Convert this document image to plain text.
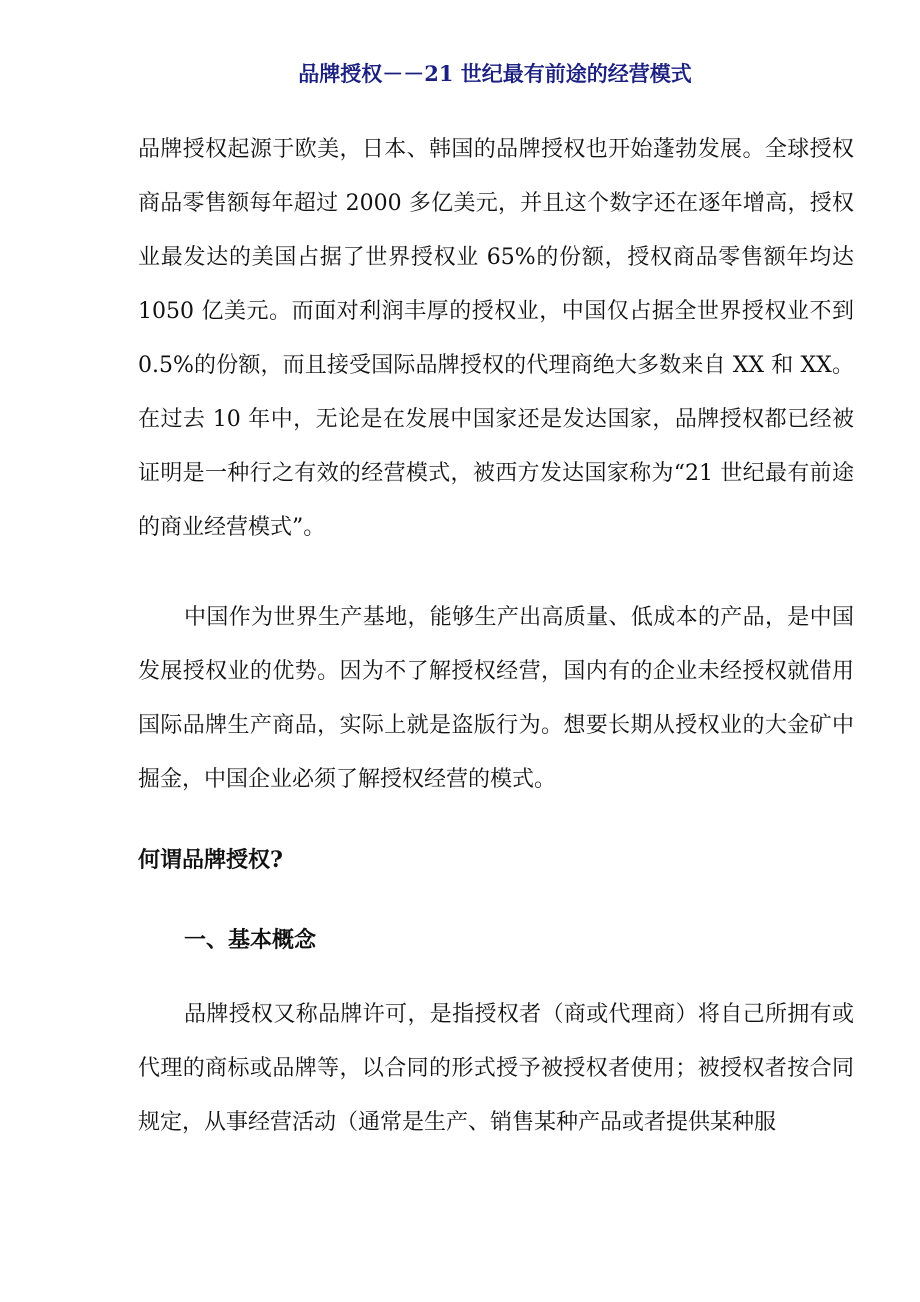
品牌授权－－21 世纪最有前途的经营模式

品牌授权起源于欧美，日本、韩国的品牌授权也开始蓬勃发展。全球授权商品零售额每年超过 2000 多亿美元，并且这个数字还在逐年增高，授权业最发达的美国占据了世界授权业 65%的份额，授权商品零售额年均达 1050 亿美元。而面对利润丰厚的授权业，中国仅占据全世界授权业不到 0.5%的份额，而且接受国际品牌授权的代理商绝大多数来自 XX 和 XX。在过去 10 年中，无论是在发展中国家还是发达国家，品牌授权都已经被证明是一种行之有效的经营模式，被西方发达国家称为“21 世纪最有前途的商业经营模式”。

中国作为世界生产基地，能够生产出高质量、低成本的产品，是中国发展授权业的优势。因为不了解授权经营，国内有的企业未经授权就借用国际品牌生产商品，实际上就是盗版行为。想要长期从授权业的大金矿中掘金，中国企业必须了解授权经营的模式。

何谓品牌授权?
一、基本概念

品牌授权又称品牌许可，是指授权者（商或代理商）将自己所拥有或代理的商标或品牌等，以合同的形式授予被授权者使用；被授权者按合同规定，从事经营活动（通常是生产、销售某种产品或者提供某种服
